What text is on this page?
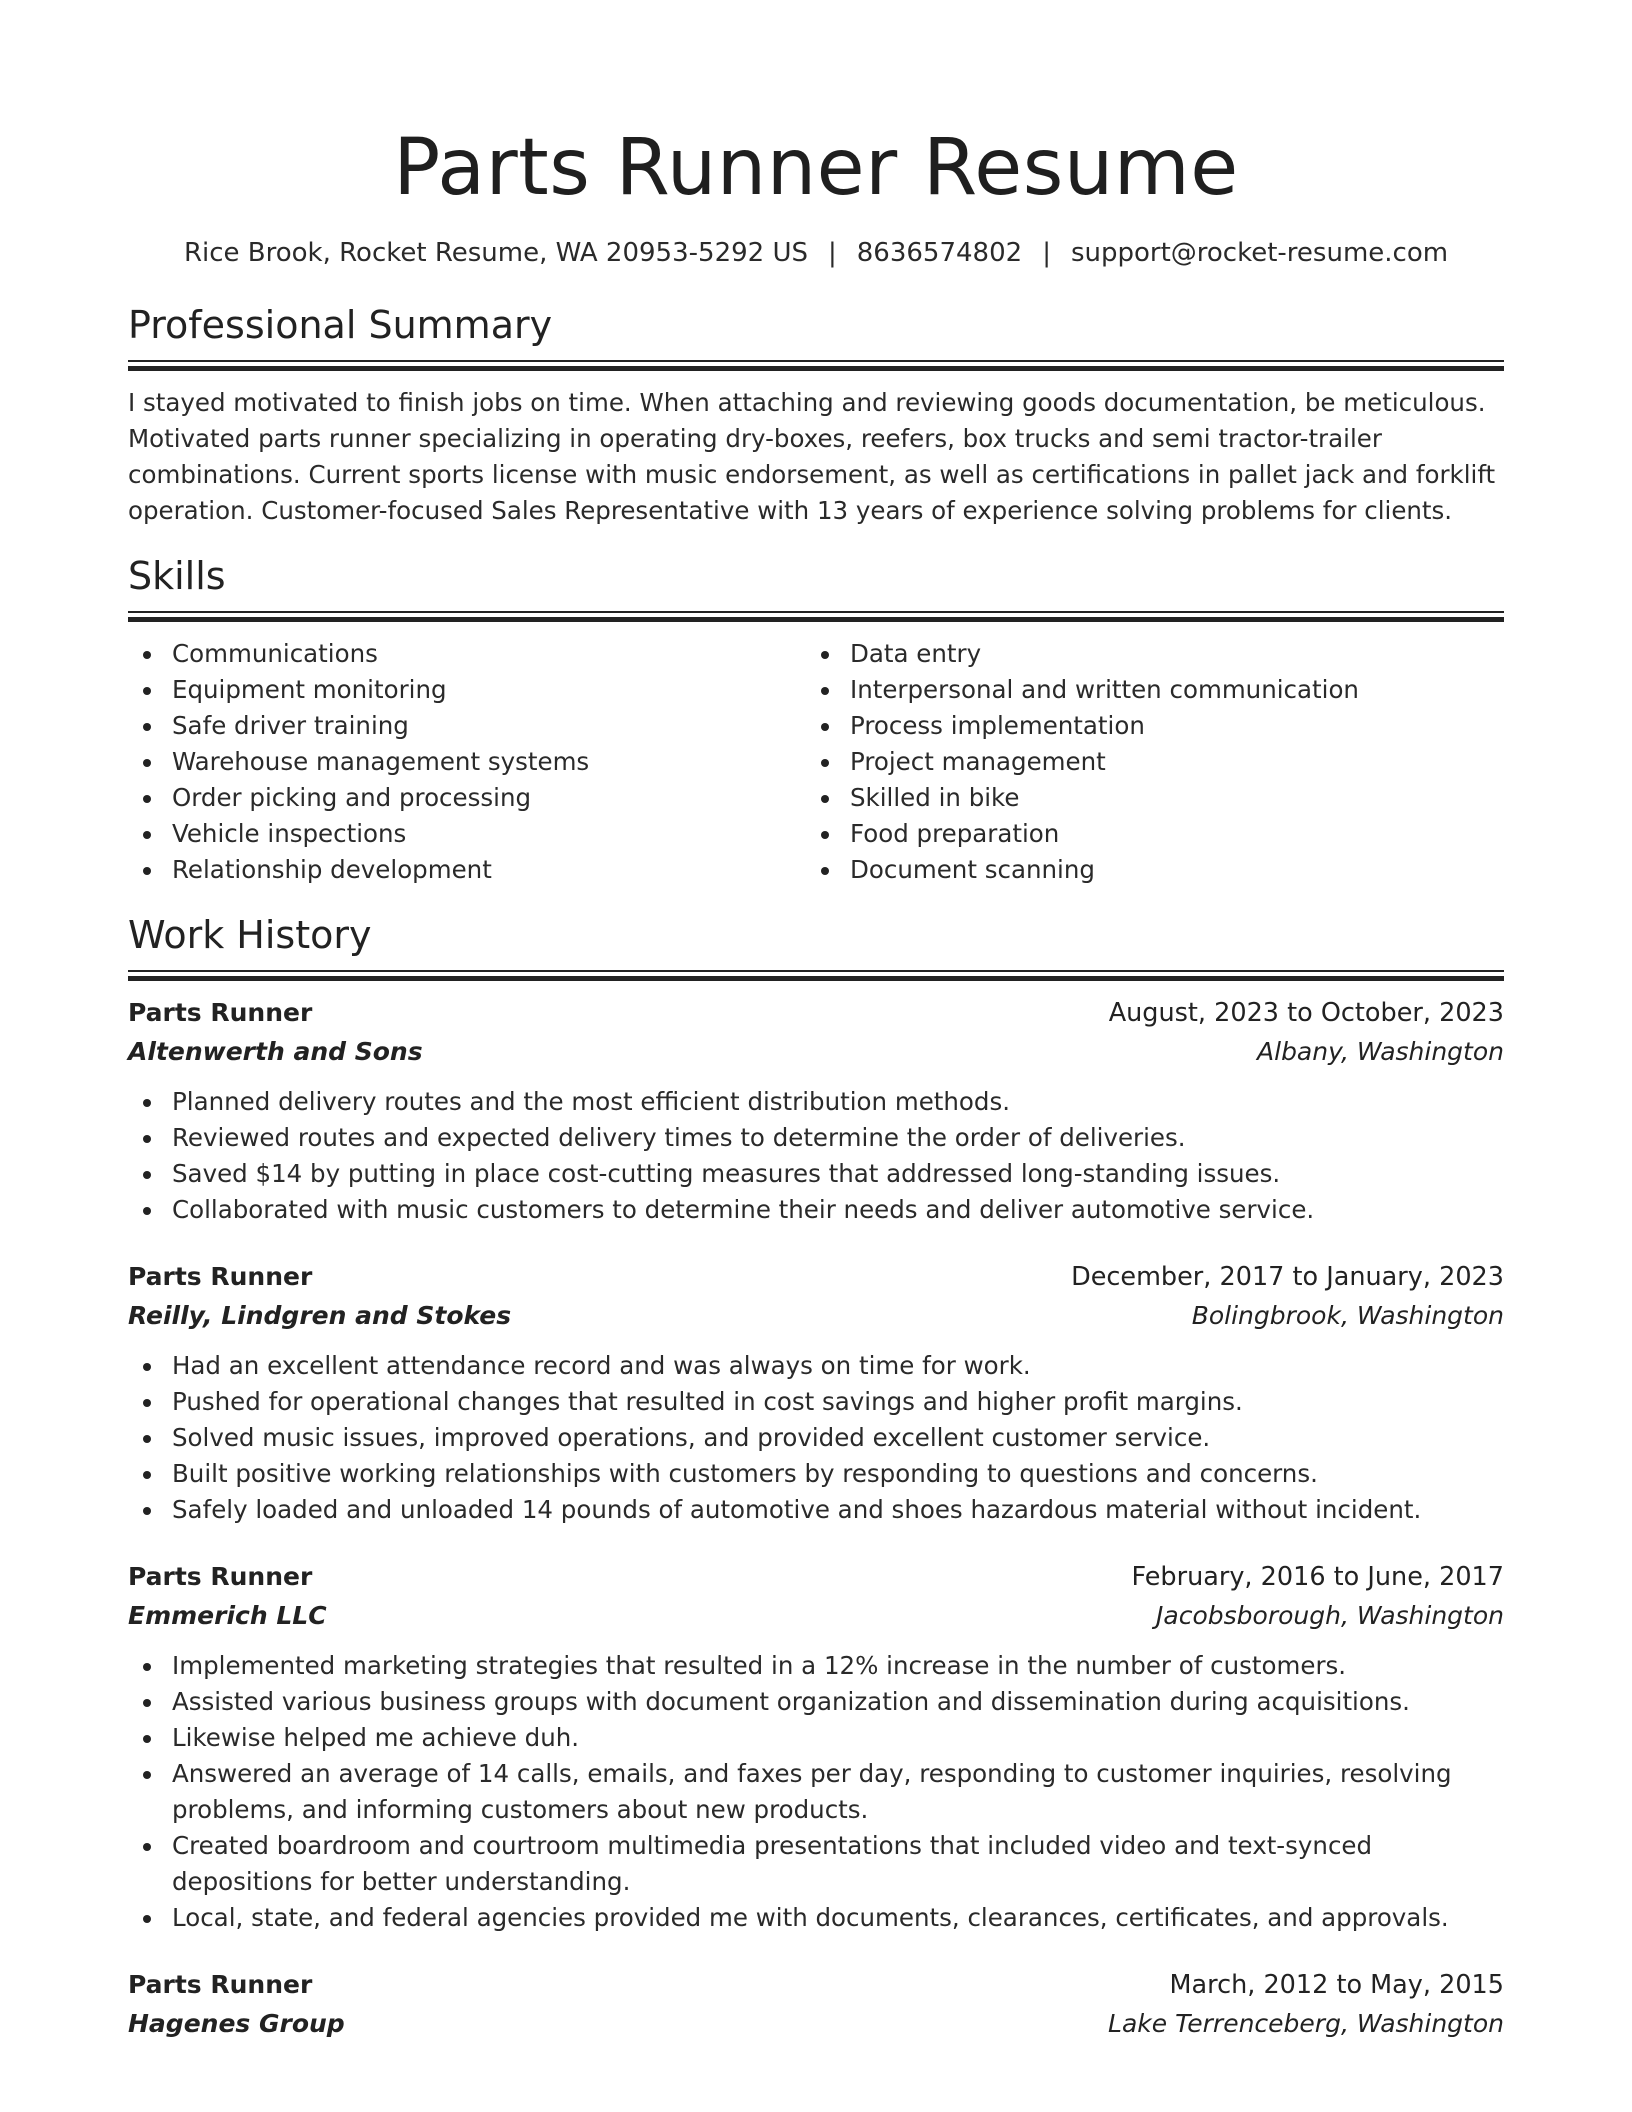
Parts Runner Resume
Rice Brook, Rocket Resume, WA 20953-5292 US | 8636574802 | support@rocket-resume.com
Professional Summary

I stayed motivated to finish jobs on time. When attaching and reviewing goods documentation, be meticulous. Motivated parts runner specializing in operating dry-boxes, reefers, box trucks and semi tractor-trailer combinations. Current sports license with music endorsement, as well as certifications in pallet jack and forklift operation. Customer-focused Sales Representative with 13 years of experience solving problems for clients.

Skills
Communications
Equipment monitoring
Safe driver training
Warehouse management systems
Order picking and processing
Vehicle inspections
Relationship development
Data entry
Interpersonal and written communication
Process implementation
Project management
Skilled in bike
Food preparation
Document scanning
Work History
Parts Runner	August, 2023 to October, 2023
Altenwerth and Sons	Albany, Washington
Planned delivery routes and the most efficient distribution methods.
Reviewed routes and expected delivery times to determine the order of deliveries.
Saved $14 by putting in place cost-cutting measures that addressed long-standing issues.
Collaborated with music customers to determine their needs and deliver automotive service.
Parts Runner	December, 2017 to January, 2023
Reilly, Lindgren and Stokes	Bolingbrook, Washington
Had an excellent attendance record and was always on time for work.
Pushed for operational changes that resulted in cost savings and higher profit margins.
Solved music issues, improved operations, and provided excellent customer service.
Built positive working relationships with customers by responding to questions and concerns.
Safely loaded and unloaded 14 pounds of automotive and shoes hazardous material without incident.
Parts Runner	February, 2016 to June, 2017
Emmerich LLC	Jacobsborough, Washington
Implemented marketing strategies that resulted in a 12% increase in the number of customers.
Assisted various business groups with document organization and dissemination during acquisitions.
Likewise helped me achieve duh.
Answered an average of 14 calls, emails, and faxes per day, responding to customer inquiries, resolving problems, and informing customers about new products.
Created boardroom and courtroom multimedia presentations that included video and text-synced depositions for better understanding.
Local, state, and federal agencies provided me with documents, clearances, certificates, and approvals.
Parts Runner	March, 2012 to May, 2015
Hagenes Group	Lake Terrenceberg, Washington
